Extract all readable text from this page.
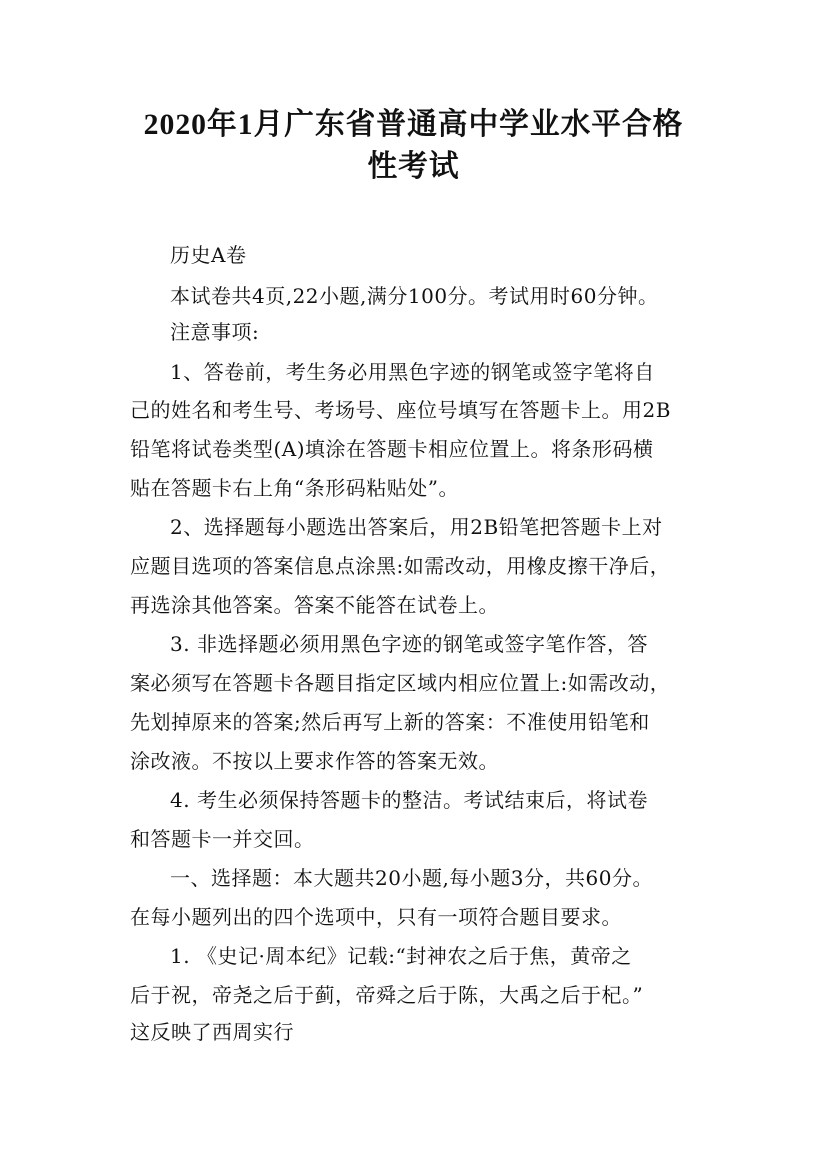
2020年1月广东省普通高中学业水平合格
性考试
历史A卷
本试卷共4页,22小题,满分100分。考试用时60分钟。
注意事项:
1、答卷前，考生务必用黑色字迹的钢笔或签字笔将自
己的姓名和考生号、考场号、座位号填写在答题卡上。用2B
铅笔将试卷类型(A)填涂在答题卡相应位置上。将条形码横
贴在答题卡右上角“条形码粘贴处”。
2、选择题每小题选出答案后，用2B铅笔把答题卡上对
应题目选项的答案信息点涂黑:如需改动，用橡皮擦干净后，
再选涂其他答案。答案不能答在试卷上。
3. 非选择题必须用黑色字迹的钢笔或签字笔作答，答
案必须写在答题卡各题目指定区域内相应位置上:如需改动，
先划掉原来的答案;然后再写上新的答案：不准使用铅笔和
涂改液。不按以上要求作答的答案无效。
4. 考生必须保持答题卡的整洁。考试结束后，将试卷
和答题卡一并交回。
一、选择题：本大题共20小题,每小题3分，共60分。
在每小题列出的四个选项中，只有一项符合题目要求。
1. 《史记·周本纪》记载:“封神农之后于焦，黄帝之
后于祝，帝尧之后于蓟，帝舜之后于陈，大禹之后于杞。”
这反映了西周实行
